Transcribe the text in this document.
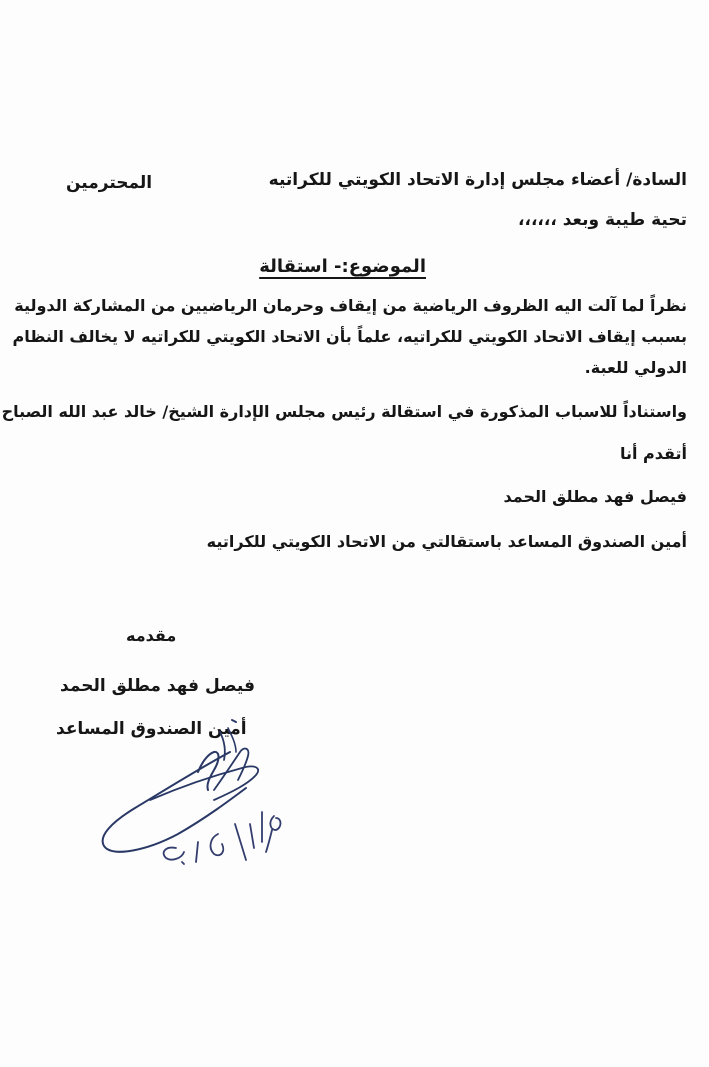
السادة/ أعضاء مجلس إدارة الاتحاد الكويتي للكراتيه
المحترمين
تحية طيبة وبعد ،،،،،،
الموضوع:- استقالة
نظراً لما آلت اليه الظروف الرياضية من إيقاف وحرمان الرياضيين من المشاركة الدولية
بسبب إيقاف الاتحاد الكويتي للكراتيه، علماً بأن الاتحاد الكويتي للكراتيه لا يخالف النظام
الدولي للعبة.
واستناداً للاسباب المذكورة في استقالة رئيس مجلس الإدارة الشيخ/ خالد عبد الله الصباح
أتقدم أنا
فيصل فهد مطلق الحمد
أمين الصندوق المساعد باستقالتي من الاتحاد الكويتي للكراتيه
مقدمه
فيصل فهد مطلق الحمد
أمين الصندوق المساعد
